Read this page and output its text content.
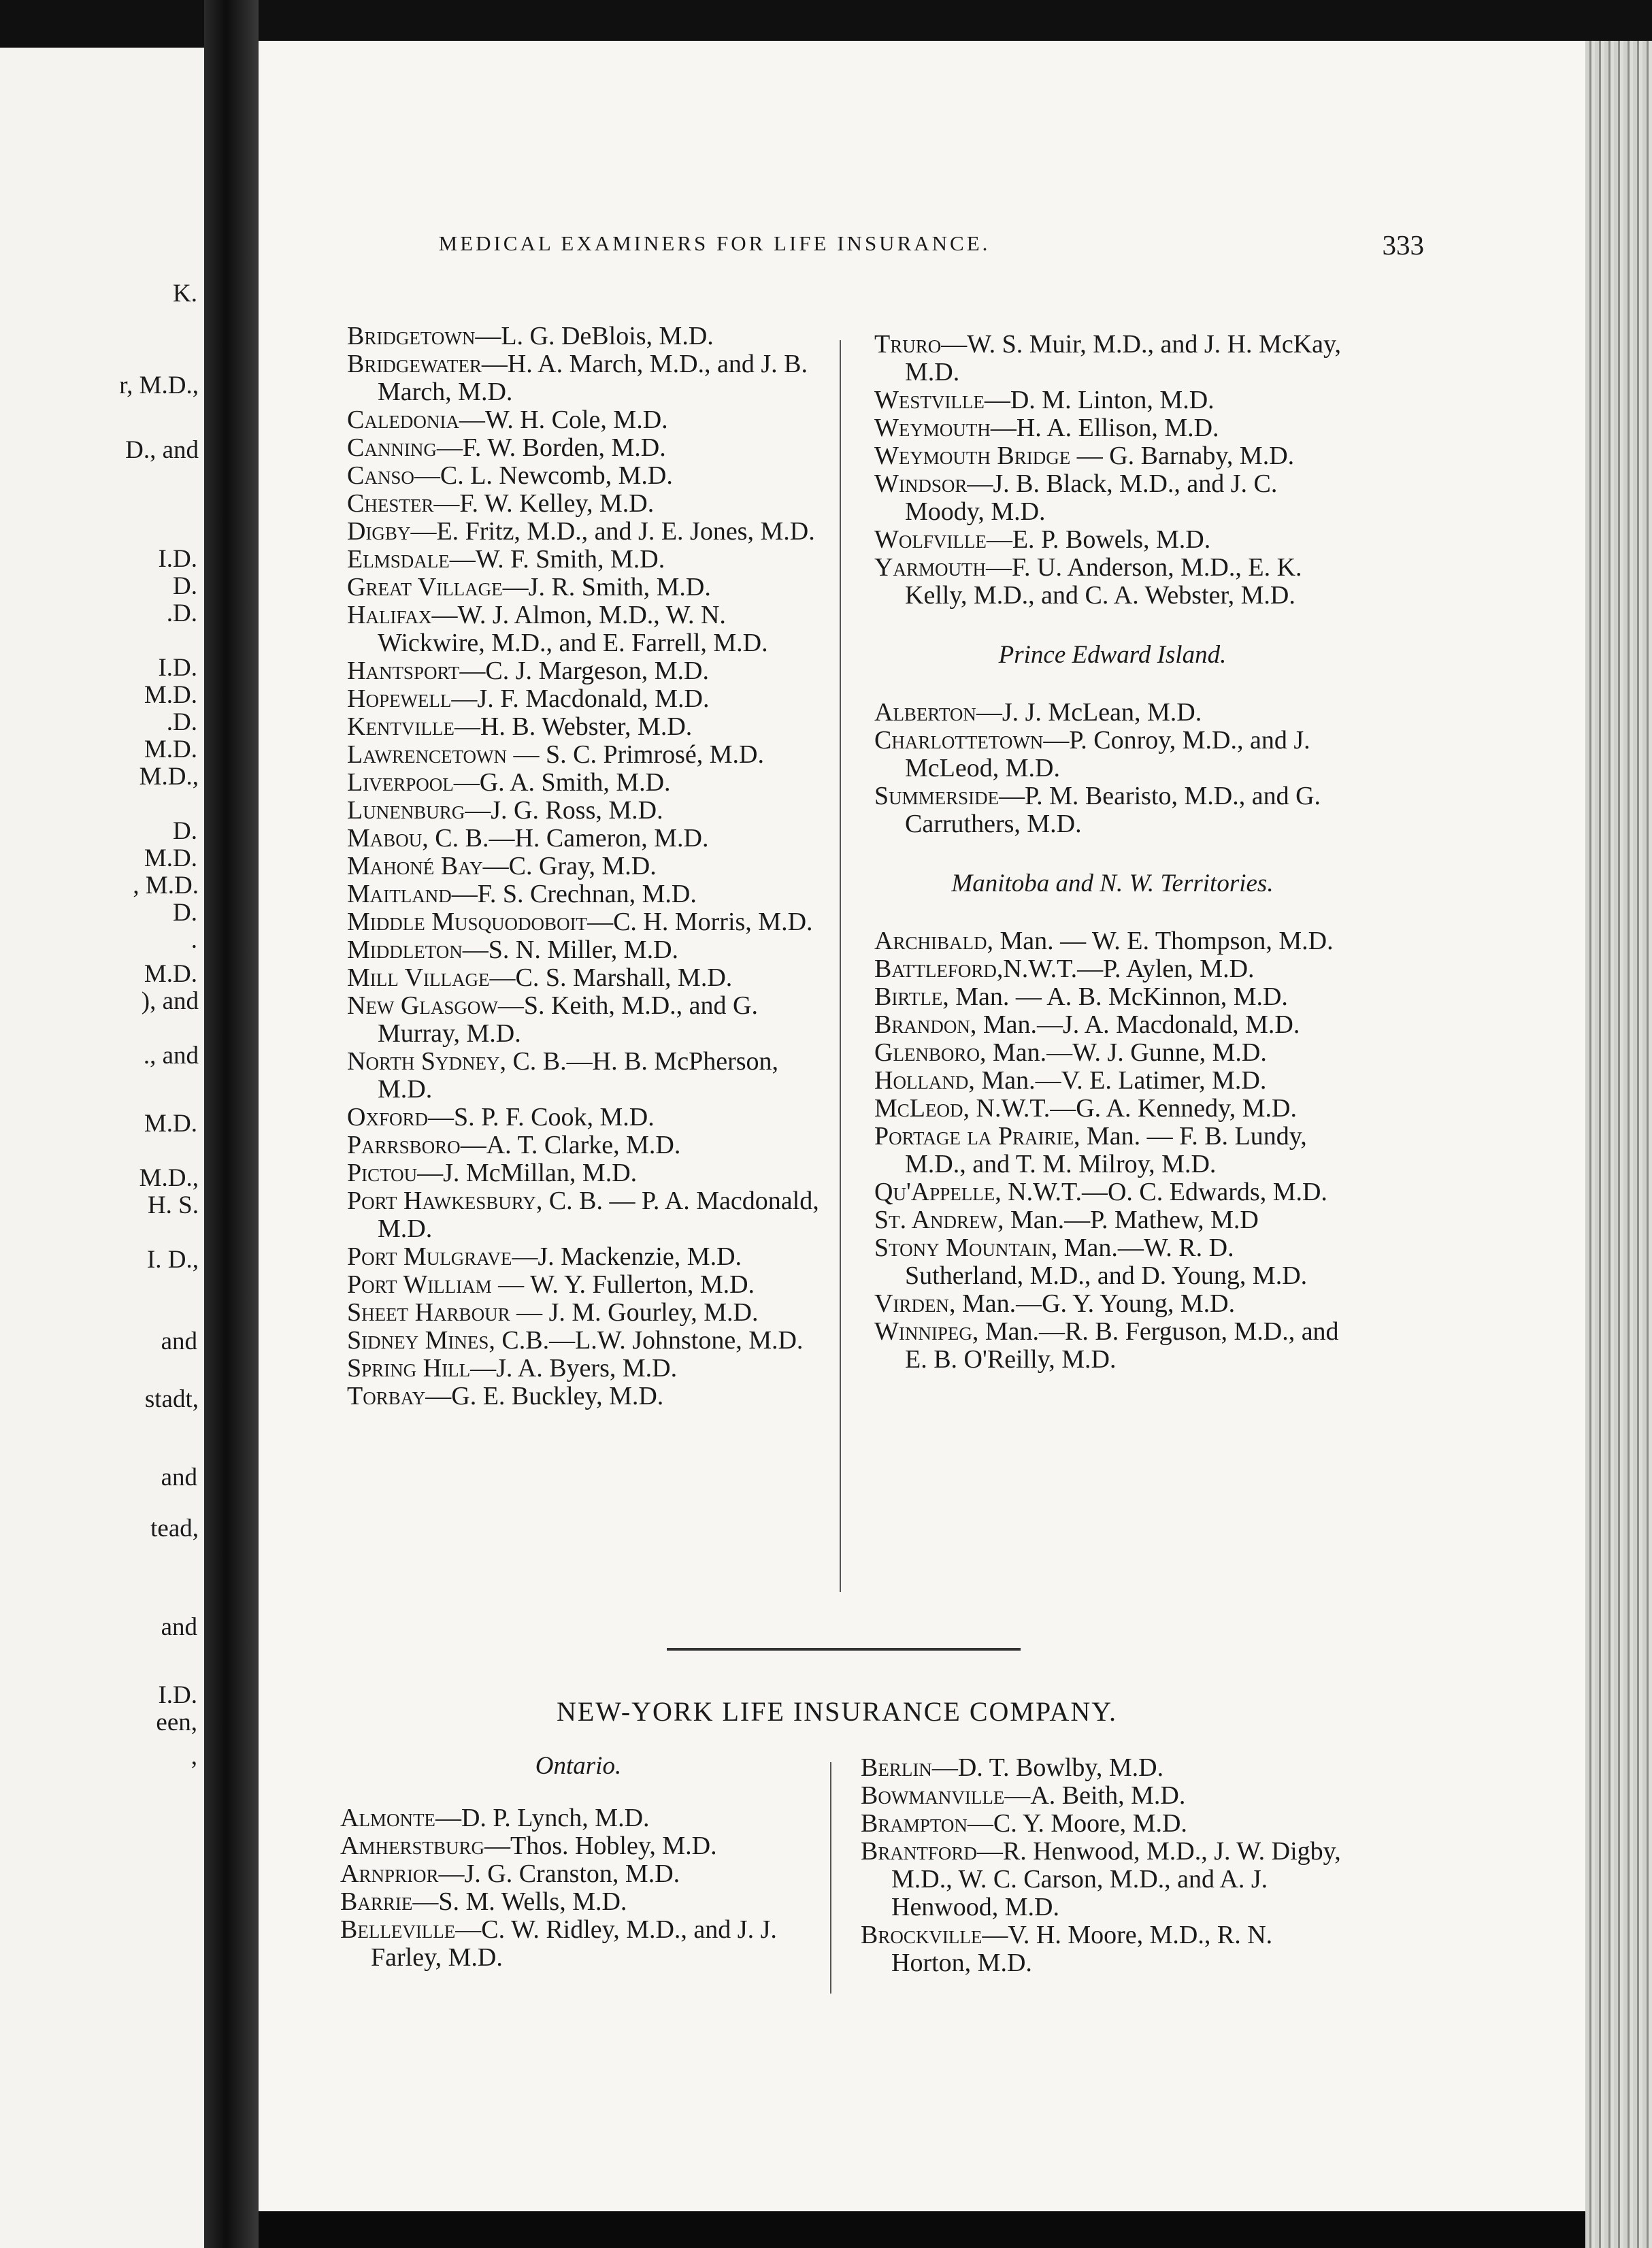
K.
r, M.D.,
D., and
I.D.
D.
.D.
I.D.
M.D.
.D.
M.D.
M.D.,
D.
M.D.
, M.D.
D.
.
M.D.
), and
., and
M.D.
M.D.,
H. S.
I. D.,
and
stadt,
and
tead,
and
I.D.
een,
,
MEDICAL EXAMINERS FOR LIFE INSURANCE.	333

Bridgetown—L. G. DeBlois, M.D.

Bridgewater—H. A. March, M.D., and J. B. March, M.D.

Caledonia—W. H. Cole, M.D.

Canning—F. W. Borden, M.D.

Canso—C. L. Newcomb, M.D.

Chester—F. W. Kelley, M.D.

Digby—E. Fritz, M.D., and J. E. Jones, M.D.

Elmsdale—W. F. Smith, M.D.

Great Village—J. R. Smith, M.D.

Halifax—W. J. Almon, M.D., W. N. Wickwire, M.D., and E. Farrell, M.D.

Hantsport—C. J. Margeson, M.D.

Hopewell—J. F. Macdonald, M.D.

Kentville—H. B. Webster, M.D.

Lawrencetown — S. C. Primrosé, M.D.

Liverpool—G. A. Smith, M.D.

Lunenburg—J. G. Ross, M.D.

Mabou, C. B.—H. Cameron, M.D.

Mahoné Bay—C. Gray, M.D.

Maitland—F. S. Crechnan, M.D.

Middle Musquodoboit—C. H. Morris, M.D.

Middleton—S. N. Miller, M.D.

Mill Village—C. S. Marshall, M.D.

New Glasgow—S. Keith, M.D., and G. Murray, M.D.

North Sydney, C. B.—H. B. McPherson, M.D.

Oxford—S. P. F. Cook, M.D.

Parrsboro—A. T. Clarke, M.D.

Pictou—J. McMillan, M.D.

Port Hawkesbury, C. B. — P. A. Macdonald, M.D.

Port Mulgrave—J. Mackenzie, M.D.

Port William — W. Y. Fullerton, M.D.

Sheet Harbour — J. M. Gourley, M.D.

Sidney Mines, C.B.—L.W. Johnstone, M.D.

Spring Hill—J. A. Byers, M.D.

Torbay—G. E. Buckley, M.D.

Truro—W. S. Muir, M.D., and J. H. McKay, M.D.

Westville—D. M. Linton, M.D.

Weymouth—H. A. Ellison, M.D.

Weymouth Bridge — G. Barnaby, M.D.

Windsor—J. B. Black, M.D., and J. C. Moody, M.D.

Wolfville—E. P. Bowels, M.D.

Yarmouth—F. U. Anderson, M.D., E. K. Kelly, M.D., and C. A. Webster, M.D.

Prince Edward Island.

Alberton—J. J. McLean, M.D.

Charlottetown—P. Conroy, M.D., and J. McLeod, M.D.

Summerside—P. M. Bearisto, M.D., and G. Carruthers, M.D.

Manitoba and N. W. Territories.

Archibald, Man. — W. E. Thompson, M.D.

Battleford,N.W.T.—P. Aylen, M.D.

Birtle, Man. — A. B. McKinnon, M.D.

Brandon, Man.—J. A. Macdonald, M.D.

Glenboro, Man.—W. J. Gunne, M.D.

Holland, Man.—V. E. Latimer, M.D.

McLeod, N.W.T.—G. A. Kennedy, M.D.

Portage la Prairie, Man. — F. B. Lundy, M.D., and T. M. Milroy, M.D.

Qu'Appelle, N.W.T.—O. C. Edwards, M.D.

St. Andrew, Man.—P. Mathew, M.D

Stony Mountain, Man.—W. R. D. Sutherland, M.D., and D. Young, M.D.

Virden, Man.—G. Y. Young, M.D.

Winnipeg, Man.—R. B. Ferguson, M.D., and E. B. O'Reilly, M.D.

NEW-YORK LIFE INSURANCE COMPANY.
Ontario.

Almonte—D. P. Lynch, M.D.

Amherstburg—Thos. Hobley, M.D.

Arnprior—J. G. Cranston, M.D.

Barrie—S. M. Wells, M.D.

Belleville—C. W. Ridley, M.D., and J. J. Farley, M.D.

Berlin—D. T. Bowlby, M.D.

Bowmanville—A. Beith, M.D.

Brampton—C. Y. Moore, M.D.

Brantford—R. Henwood, M.D., J. W. Digby, M.D., W. C. Carson, M.D., and A. J. Henwood, M.D.

Brockville—V. H. Moore, M.D., R. N. Horton, M.D.
